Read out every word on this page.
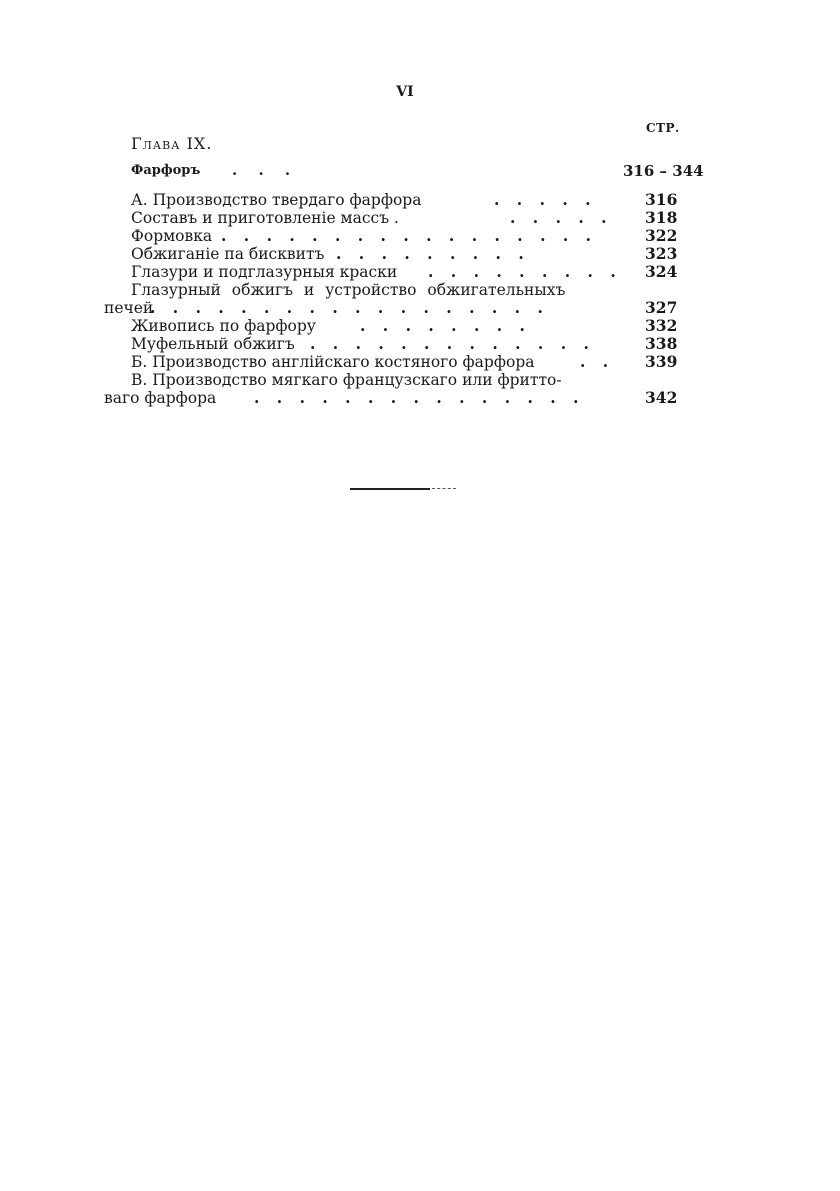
VI
СТР.
Глава IX.
Фарфоръ . . .	316 – 344
А. Производство твердаго фарфора	. . . . .	316
Составъ и приготовленіе массъ .	. . . . . 318
Формовка . . . . . . . . . . . . . . . . .	322
Обжиганіе па бисквитъ . . . . . . . . .	323
Глазури и подглазурныя краски . . . . . . . . . 324
Глазурный обжигъ и устройство обжигательныхъ
печей
. . . . . . . . . . . . . . . . . .	327
Живопись по фарфору	. . . . . . . .	332
Муфельный обжигъ . . . . . . . . . . . . .	338
Б. Производство англійскаго костяного фарфора	. . 339
В. Производство мягкаго французскаго или фритто-
ваго фарфора . . . . . . . . . . . . . . .	342
